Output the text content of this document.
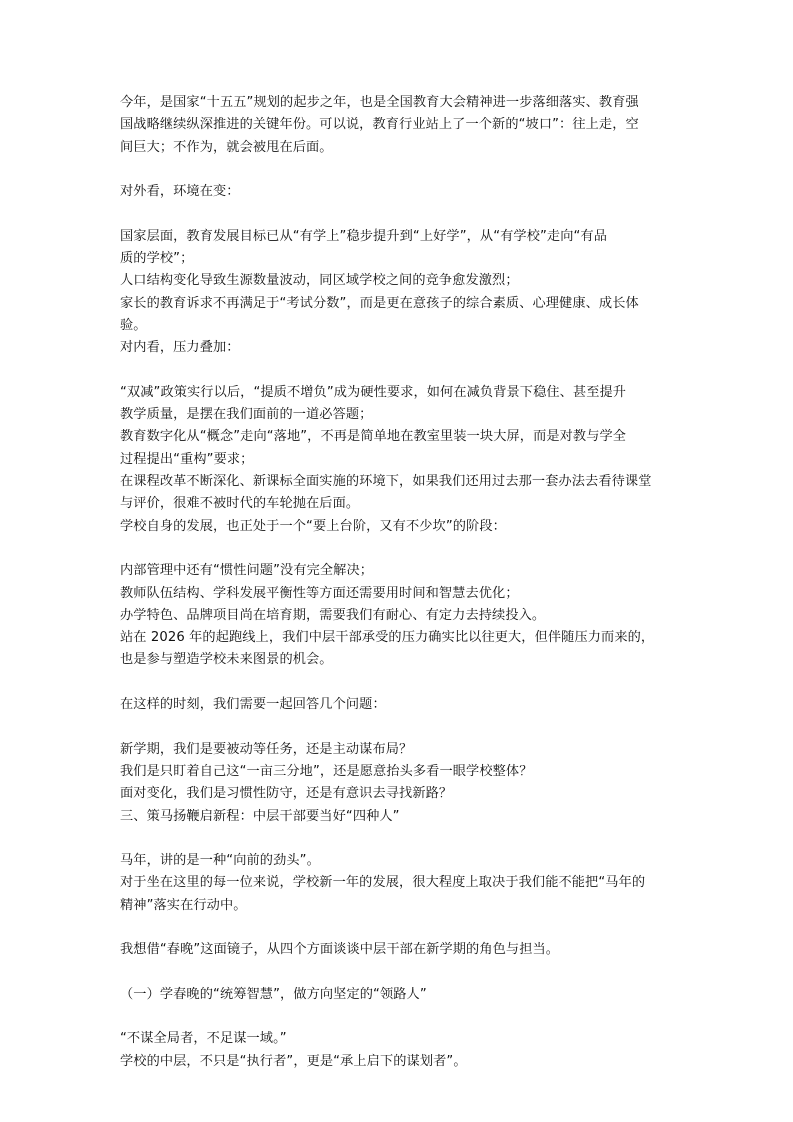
今年，是国家“十五五”规划的起步之年，也是全国教育大会精神进一步落细落实、教育强
国战略继续纵深推进的关键年份。可以说，教育行业站上了一个新的“坡口”：往上走，空
间巨大；不作为，就会被甩在后面。
对外看，环境在变：
国家层面，教育发展目标已从“有学上”稳步提升到“上好学”，从“有学校”走向“有品
质的学校”；
人口结构变化导致生源数量波动，同区域学校之间的竞争愈发激烈；
家长的教育诉求不再满足于“考试分数”，而是更在意孩子的综合素质、心理健康、成长体
验。
对内看，压力叠加：
“双减”政策实行以后，“提质不增负”成为硬性要求，如何在减负背景下稳住、甚至提升
教学质量，是摆在我们面前的一道必答题；
教育数字化从“概念”走向“落地”，不再是简单地在教室里装一块大屏，而是对教与学全
过程提出“重构”要求；
在课程改革不断深化、新课标全面实施的环境下，如果我们还用过去那一套办法去看待课堂
与评价，很难不被时代的车轮抛在后面。
学校自身的发展，也正处于一个“要上台阶，又有不少坎”的阶段：
内部管理中还有“惯性问题”没有完全解决；
教师队伍结构、学科发展平衡性等方面还需要用时间和智慧去优化；
办学特色、品牌项目尚在培育期，需要我们有耐心、有定力去持续投入。
站在 2026 年的起跑线上，我们中层干部承受的压力确实比以往更大，但伴随压力而来的，
也是参与塑造学校未来图景的机会。
在这样的时刻，我们需要一起回答几个问题：
新学期，我们是要被动等任务，还是主动谋布局？
我们是只盯着自己这“一亩三分地”，还是愿意抬头多看一眼学校整体？
面对变化，我们是习惯性防守，还是有意识去寻找新路？
三、策马扬鞭启新程：中层干部要当好“四种人”
马年，讲的是一种“向前的劲头”。
对于坐在这里的每一位来说，学校新一年的发展，很大程度上取决于我们能不能把“马年的
精神”落实在行动中。
我想借“春晚”这面镜子，从四个方面谈谈中层干部在新学期的角色与担当。
（一）学春晚的“统筹智慧”，做方向坚定的“领路人”
“不谋全局者，不足谋一域。”
学校的中层，不只是“执行者”，更是“承上启下的谋划者”。
